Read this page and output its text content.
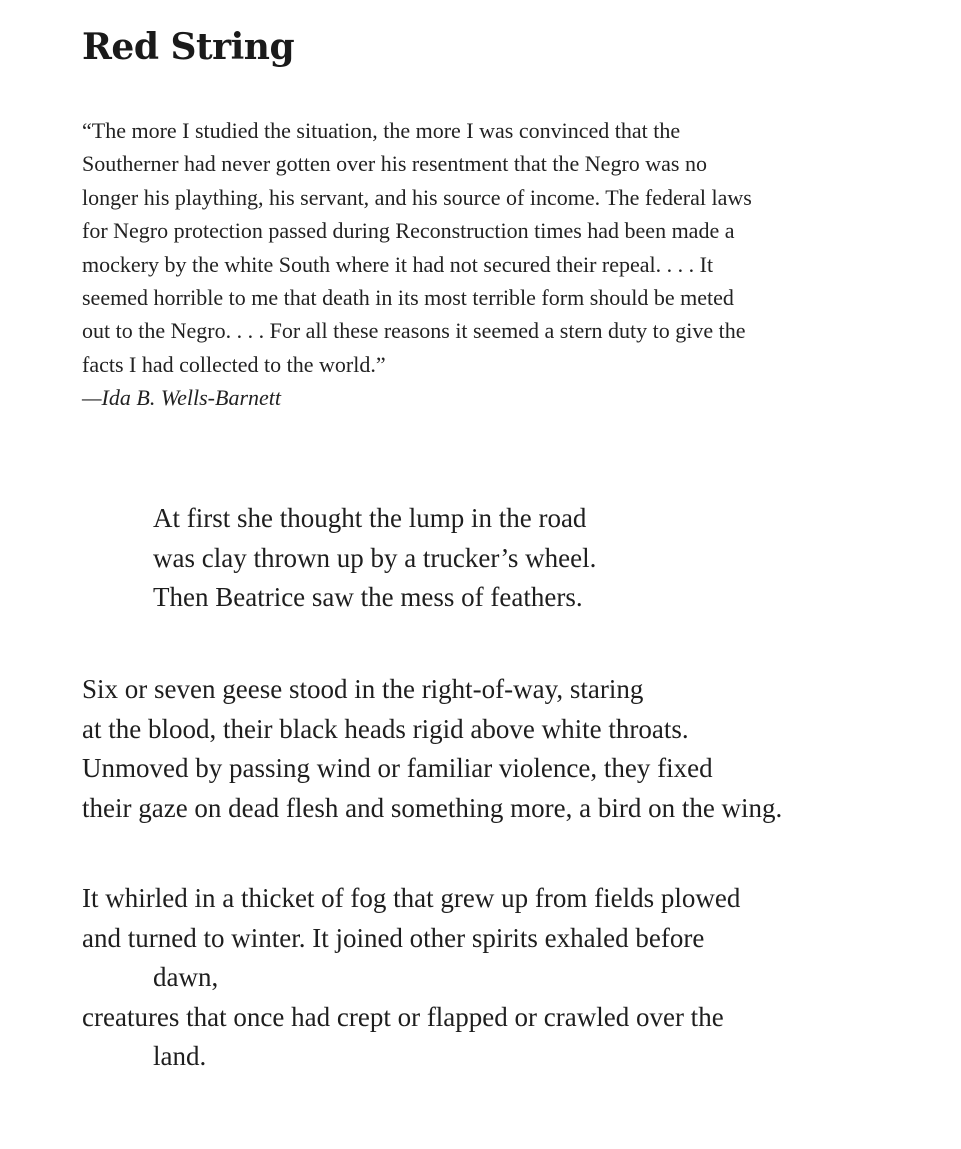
Red String
“The more I studied the situation, the more I was convinced that the
Southerner had never gotten over his resentment that the Negro was no
longer his plaything, his servant, and his source of income. The federal laws
for Negro protection passed during Reconstruction times had been made a
mockery by the white South where it had not secured their repeal. . . . It
seemed horrible to me that death in its most terrible form should be meted
out to the Negro. . . . For all these reasons it seemed a stern duty to give the
facts I had collected to the world.”
—Ida B. Wells-Barnett
At first she thought the lump in the road
was clay thrown up by a trucker’s wheel.
Then Beatrice saw the mess of feathers.
Six or seven geese stood in the right-of-way, staring
at the blood, their black heads rigid above white throats.
Unmoved by passing wind or familiar violence, they fixed
their gaze on dead flesh and something more, a bird on the wing.
It whirled in a thicket of fog that grew up from fields plowed
and turned to winter. It joined other spirits exhaled before
dawn,
creatures that once had crept or flapped or crawled over the
land.
